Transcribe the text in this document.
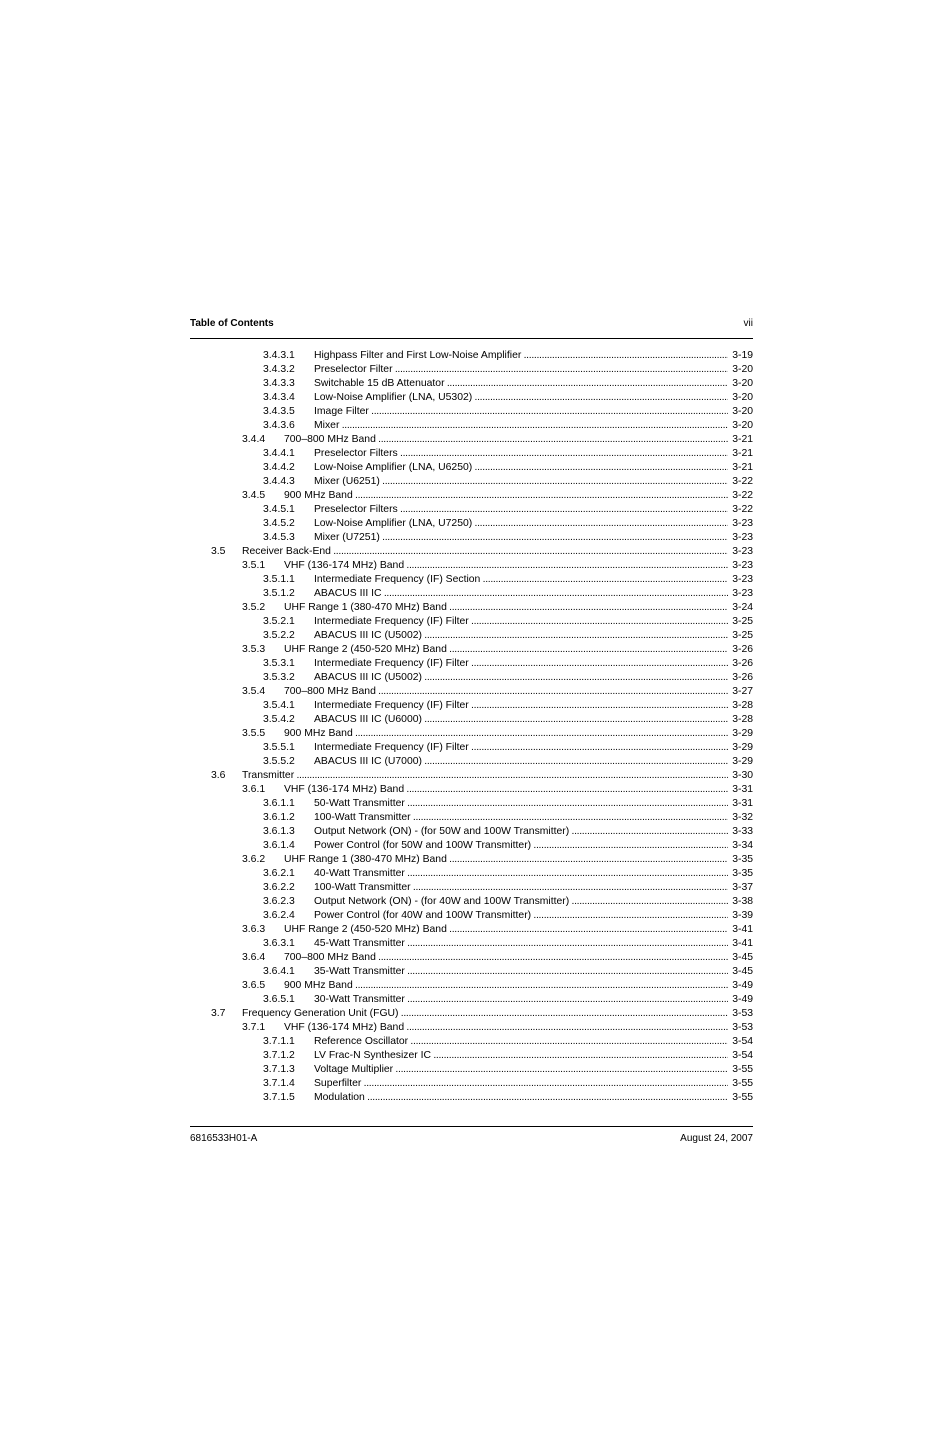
Table of Contents	vii
3.4.3.1 Highpass Filter and First Low-Noise Amplifier . . .	3-19
3.4.3.2 Preselector Filter . . .	3-20
3.4.3.3 Switchable 15 dB Attenuator . . .	3-20
3.4.3.4 Low-Noise Amplifier (LNA, U5302) . . .	3-20
3.4.3.5 Image Filter . . .	3-20
3.4.3.6 Mixer . . .	3-20
3.4.4 700–800 MHz Band . . .	3-21
3.4.4.1 Preselector Filters . . .	3-21
3.4.4.2 Low-Noise Amplifier (LNA, U6250) . . .	3-21
3.4.4.3 Mixer (U6251) . . .	3-22
3.4.5 900 MHz Band . . .	3-22
3.4.5.1 Preselector Filters . . .	3-22
3.4.5.2 Low-Noise Amplifier (LNA, U7250) . . .	3-23
3.4.5.3 Mixer (U7251) . . .	3-23
3.5 Receiver Back-End . . .	3-23
3.5.1 VHF (136-174 MHz) Band . . .	3-23
3.5.1.1 Intermediate Frequency (IF) Section . . .	3-23
3.5.1.2 ABACUS III IC . . .	3-23
3.5.2 UHF Range 1 (380-470 MHz) Band . . .	3-24
3.5.2.1 Intermediate Frequency (IF) Filter . . .	3-25
3.5.2.2 ABACUS III IC (U5002) . . .	3-25
3.5.3 UHF Range 2 (450-520 MHz) Band . . .	3-26
3.5.3.1 Intermediate Frequency (IF) Filter . . .	3-26
3.5.3.2 ABACUS III IC (U5002) . . .	3-26
3.5.4 700–800 MHz Band . . .	3-27
3.5.4.1 Intermediate Frequency (IF) Filter . . .	3-28
3.5.4.2 ABACUS III IC (U6000) . . .	3-28
3.5.5 900 MHz Band . . .	3-29
3.5.5.1 Intermediate Frequency (IF) Filter . . .	3-29
3.5.5.2 ABACUS III IC (U7000) . . .	3-29
3.6 Transmitter . . .	3-30
3.6.1 VHF (136-174 MHz) Band . . .	3-31
3.6.1.1 50-Watt Transmitter . . .	3-31
3.6.1.2 100-Watt Transmitter . . .	3-32
3.6.1.3 Output Network (ON) - (for 50W and 100W Transmitter) . . .	3-33
3.6.1.4 Power Control (for 50W and 100W Transmitter) . . .	3-34
3.6.2 UHF Range 1 (380-470 MHz) Band . . .	3-35
3.6.2.1 40-Watt Transmitter . . .	3-35
3.6.2.2 100-Watt Transmitter . . .	3-37
3.6.2.3 Output Network (ON) - (for 40W and 100W Transmitter) . . .	3-38
3.6.2.4 Power Control (for 40W and 100W Transmitter) . . .	3-39
3.6.3 UHF Range 2 (450-520 MHz) Band . . .	3-41
3.6.3.1 45-Watt Transmitter . . .	3-41
3.6.4 700–800 MHz Band . . .	3-45
3.6.4.1 35-Watt Transmitter . . .	3-45
3.6.5 900 MHz Band . . .	3-49
3.6.5.1 30-Watt Transmitter . . .	3-49
3.7 Frequency Generation Unit (FGU) . . .	3-53
3.7.1 VHF (136-174 MHz) Band . . .	3-53
3.7.1.1 Reference Oscillator . . .	3-54
3.7.1.2 LV Frac-N Synthesizer IC . . .	3-54
3.7.1.3 Voltage Multiplier . . .	3-55
3.7.1.4 Superfilter . . .	3-55
3.7.1.5 Modulation . . .	3-55
6816533H01-A	August 24, 2007
